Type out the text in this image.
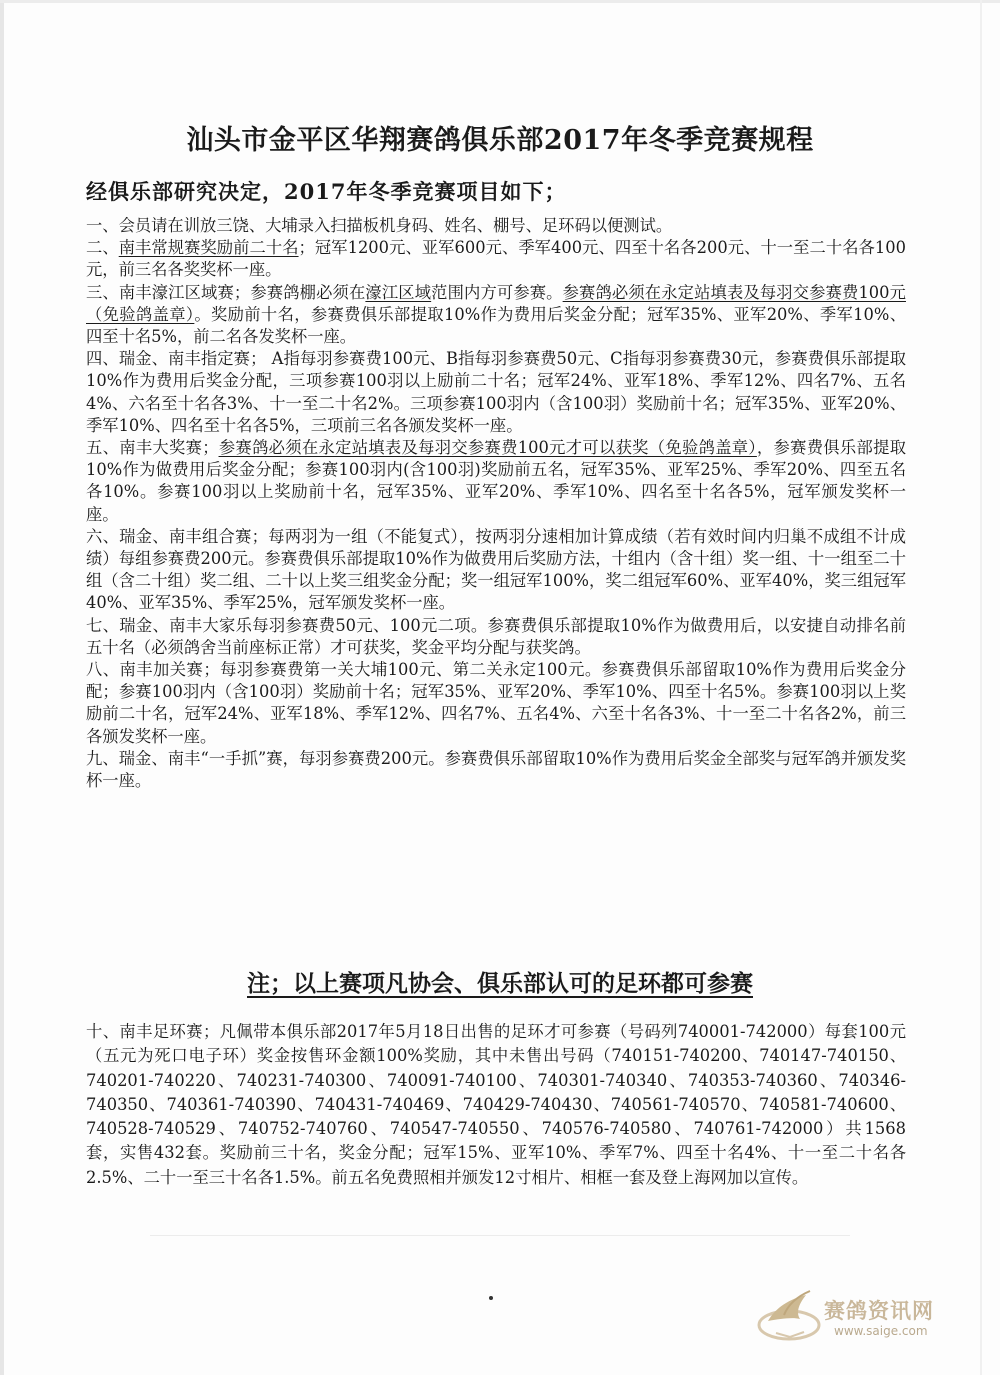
汕头市金平区华翔赛鸽俱乐部2017年冬季竞赛规程
经俱乐部研究决定，2017年冬季竞赛项目如下；

一、会员请在训放三饶、大埔录入扫描板机身码、姓名、棚号、足环码以便测试。

二、南丰常规赛奖励前二十名；冠军1200元、亚军600元、季军400元、四至十名各200元、十一至二十名各100元，前三名各奖奖杯一座。

三、南丰濠江区域赛；参赛鸽棚必须在濠江区域范围内方可参赛。参赛鸽必须在永定站填表及每羽交参赛费100元（免验鸽盖章）。奖励前十名，参赛费俱乐部提取10%作为费用后奖金分配；冠军35%、亚军20%、季军10%、四至十名5%，前二名各发奖杯一座。

四、瑞金、南丰指定赛； A指每羽参赛费100元、B指每羽参赛费50元、C指每羽参赛费30元，参赛费俱乐部提取10%作为费用后奖金分配，三项参赛100羽以上励前二十名；冠军24%、亚军18%、季军12%、四名7%、五名4%、六名至十名各3%、十一至二十名2%。三项参赛100羽内（含100羽）奖励前十名；冠军35%、亚军20%、季军10%、四名至十名各5%，三项前三名各颁发奖杯一座。

五、南丰大奖赛；参赛鸽必须在永定站填表及每羽交参赛费100元才可以获奖（免验鸽盖章），参赛费俱乐部提取10%作为做费用后奖金分配；参赛100羽内(含100羽)奖励前五名，冠军35%、亚军25%、季军20%、四至五名各10%。参赛100羽以上奖励前十名，冠军35%、亚军20%、季军10%、四名至十名各5%，冠军颁发奖杯一座。

六、瑞金、南丰组合赛；每两羽为一组（不能复式），按两羽分速相加计算成绩（若有效时间内归巢不成组不计成绩）每组参赛费200元。参赛费俱乐部提取10%作为做费用后奖励方法，十组内（含十组）奖一组、十一组至二十组（含二十组）奖二组、二十以上奖三组奖金分配；奖一组冠军100%，奖二组冠军60%、亚军40%，奖三组冠军40%、亚军35%、季军25%，冠军颁发奖杯一座。

七、瑞金、南丰大家乐每羽参赛费50元、100元二项。参赛费俱乐部提取10%作为做费用后，以安捷自动排名前五十名（必须鸽舍当前座标正常）才可获奖，奖金平均分配与获奖鸽。

八、南丰加关赛；每羽参赛费第一关大埔100元、第二关永定100元。参赛费俱乐部留取10%作为费用后奖金分配；参赛100羽内（含100羽）奖励前十名；冠军35%、亚军20%、季军10%、四至十名5%。参赛100羽以上奖励前二十名，冠军24%、亚军18%、季军12%、四名7%、五名4%、六至十名各3%、十一至二十名各2%，前三各颁发奖杯一座。

九、瑞金、南丰“一手抓”赛，每羽参赛费200元。参赛费俱乐部留取10%作为费用后奖金全部奖与冠军鸽并颁发奖杯一座。

注；以上赛项凡协会、俱乐部认可的足环都可参赛

十、南丰足环赛；凡佩带本俱乐部2017年5月18日出售的足环才可参赛（号码列740001-742000）每套100元（五元为死口电子环）奖金按售环金额100%奖励，其中未售出号码（740151-740200、740147-740150、740201-740220、740231-740300、740091-740100、740301-740340、740353-740360、740346-740350、740361-740390、740431-740469、740429-740430、740561-740570、740581-740600、740528-740529、740752-740760、740547-740550、740576-740580、740761-742000）共1568套，实售432套。奖励前三十名，奖金分配；冠军15%、亚军10%、季军7%、四至十名4%、十一至二十名各2.5%、二十一至三十名各1.5%。前五名免费照相并颁发12寸相片、相框一套及登上海网加以宣传。

赛鸽资讯网
www.saige.com
